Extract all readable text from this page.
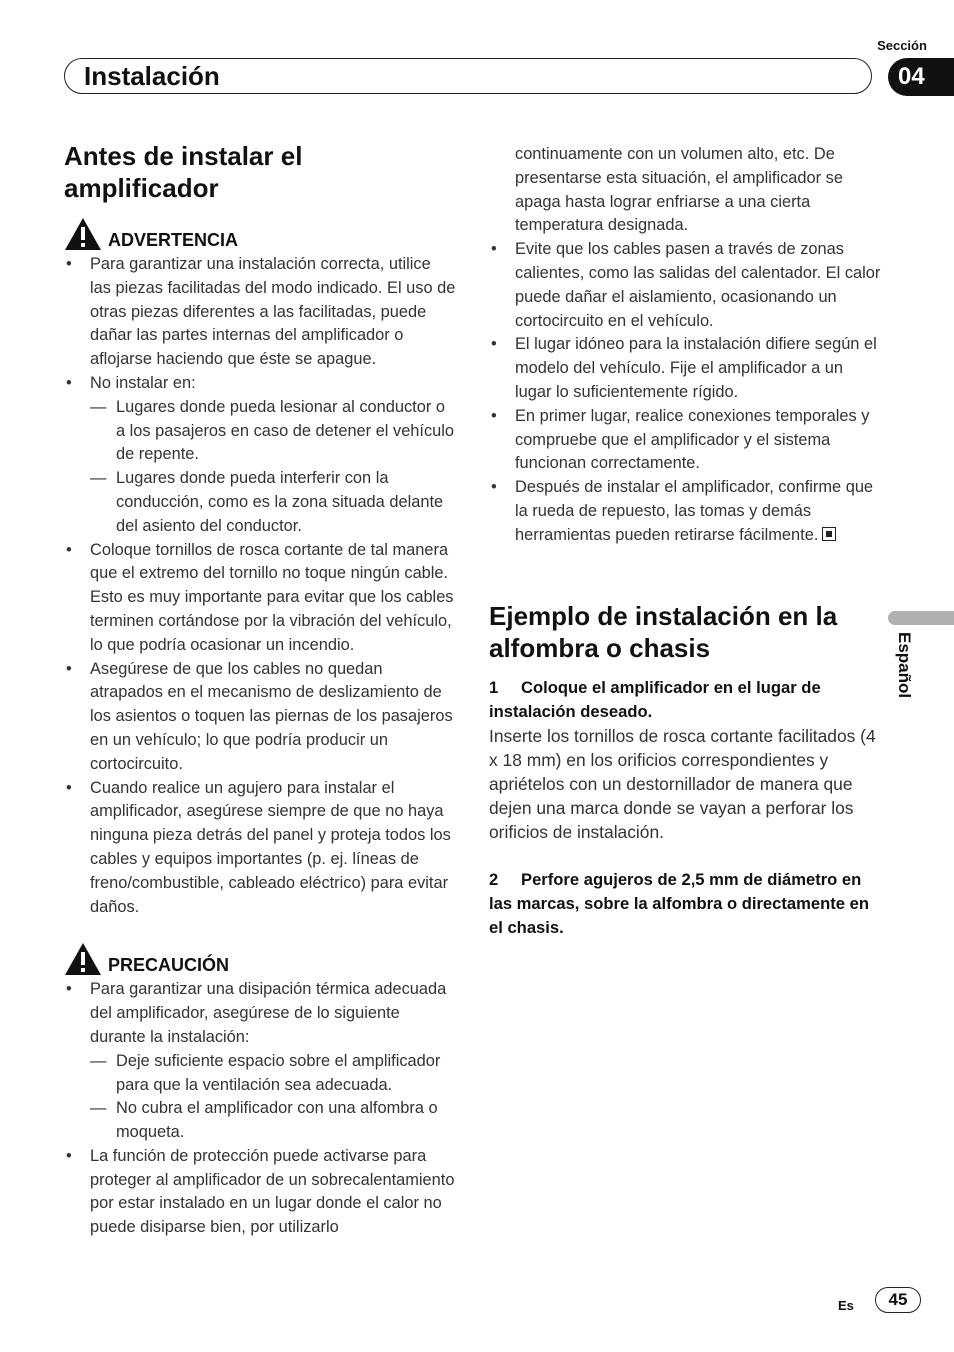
Sección
Instalación	04
Español
Antes de instalar el amplificador
ADVERTENCIA
• Para garantizar una instalación correcta, utilice las piezas facilitadas del modo indicado. El uso de otras piezas diferentes a las facilitadas, puede dañar las partes internas del amplificador o aflojarse haciendo que éste se apague.
• No instalar en:
— Lugares donde pueda lesionar al conductor o a los pasajeros en caso de detener el vehículo de repente.
— Lugares donde pueda interferir con la conducción, como es la zona situada delante del asiento del conductor.
• Coloque tornillos de rosca cortante de tal manera que el extremo del tornillo no toque ningún cable. Esto es muy importante para evitar que los cables terminen cortándose por la vibración del vehículo, lo que podría ocasionar un incendio.
• Asegúrese de que los cables no quedan atrapados en el mecanismo de deslizamiento de los asientos o toquen las piernas de los pasajeros en un vehículo; lo que podría producir un cortocircuito.
• Cuando realice un agujero para instalar el amplificador, asegúrese siempre de que no haya ninguna pieza detrás del panel y proteja todos los cables y equipos importantes (p. ej. líneas de freno/combustible, cableado eléctrico) para evitar daños.
PRECAUCIÓN
• Para garantizar una disipación térmica adecuada del amplificador, asegúrese de lo siguiente durante la instalación:
— Deje suficiente espacio sobre el amplificador para que la ventilación sea adecuada.
— No cubra el amplificador con una alfombra o moqueta.
• La función de protección puede activarse para proteger al amplificador de un sobrecalentamiento por estar instalado en un lugar donde el calor no puede disiparse bien, por utilizarlo
continuamente con un volumen alto, etc. De presentarse esta situación, el amplificador se apaga hasta lograr enfriarse a una cierta temperatura designada.
• Evite que los cables pasen a través de zonas calientes, como las salidas del calentador. El calor puede dañar el aislamiento, ocasionando un cortocircuito en el vehículo.
• El lugar idóneo para la instalación difiere según el modelo del vehículo. Fije el amplificador a un lugar lo suficientemente rígido.
• En primer lugar, realice conexiones temporales y compruebe que el amplificador y el sistema funcionan correctamente.
• Después de instalar el amplificador, confirme que la rueda de repuesto, las tomas y demás herramientas pueden retirarse fácilmente.
Ejemplo de instalación en la alfombra o chasis
1 Coloque el amplificador en el lugar de instalación deseado.
Inserte los tornillos de rosca cortante facilitados (4 x 18 mm) en los orificios correspondientes y apriételos con un destornillador de manera que dejen una marca donde se vayan a perforar los orificios de instalación.
2 Perfore agujeros de 2,5 mm de diámetro en las marcas, sobre la alfombra o directamente en el chasis.
Es	45
